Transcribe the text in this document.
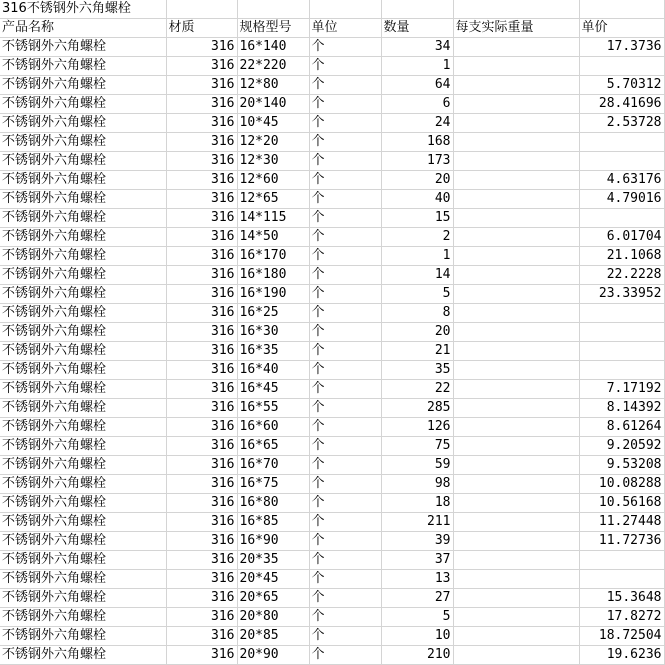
316不锈钢外六角螺栓						
产品名称	材质	规格型号	单位	数量	每支实际重量	单价
不锈钢外六角螺栓	316	16*140	个	34		17.3736
不锈钢外六角螺栓	316	22*220	个	1		
不锈钢外六角螺栓	316	12*80	个	64		5.70312
不锈钢外六角螺栓	316	20*140	个	6		28.41696
不锈钢外六角螺栓	316	10*45	个	24		2.53728
不锈钢外六角螺栓	316	12*20	个	168		
不锈钢外六角螺栓	316	12*30	个	173		
不锈钢外六角螺栓	316	12*60	个	20		4.63176
不锈钢外六角螺栓	316	12*65	个	40		4.79016
不锈钢外六角螺栓	316	14*115	个	15		
不锈钢外六角螺栓	316	14*50	个	2		6.01704
不锈钢外六角螺栓	316	16*170	个	1		21.1068
不锈钢外六角螺栓	316	16*180	个	14		22.2228
不锈钢外六角螺栓	316	16*190	个	5		23.33952
不锈钢外六角螺栓	316	16*25	个	8		
不锈钢外六角螺栓	316	16*30	个	20		
不锈钢外六角螺栓	316	16*35	个	21		
不锈钢外六角螺栓	316	16*40	个	35		
不锈钢外六角螺栓	316	16*45	个	22		7.17192
不锈钢外六角螺栓	316	16*55	个	285		8.14392
不锈钢外六角螺栓	316	16*60	个	126		8.61264
不锈钢外六角螺栓	316	16*65	个	75		9.20592
不锈钢外六角螺栓	316	16*70	个	59		9.53208
不锈钢外六角螺栓	316	16*75	个	98		10.08288
不锈钢外六角螺栓	316	16*80	个	18		10.56168
不锈钢外六角螺栓	316	16*85	个	211		11.27448
不锈钢外六角螺栓	316	16*90	个	39		11.72736
不锈钢外六角螺栓	316	20*35	个	37		
不锈钢外六角螺栓	316	20*45	个	13		
不锈钢外六角螺栓	316	20*65	个	27		15.3648
不锈钢外六角螺栓	316	20*80	个	5		17.8272
不锈钢外六角螺栓	316	20*85	个	10		18.72504
不锈钢外六角螺栓	316	20*90	个	210		19.6236
